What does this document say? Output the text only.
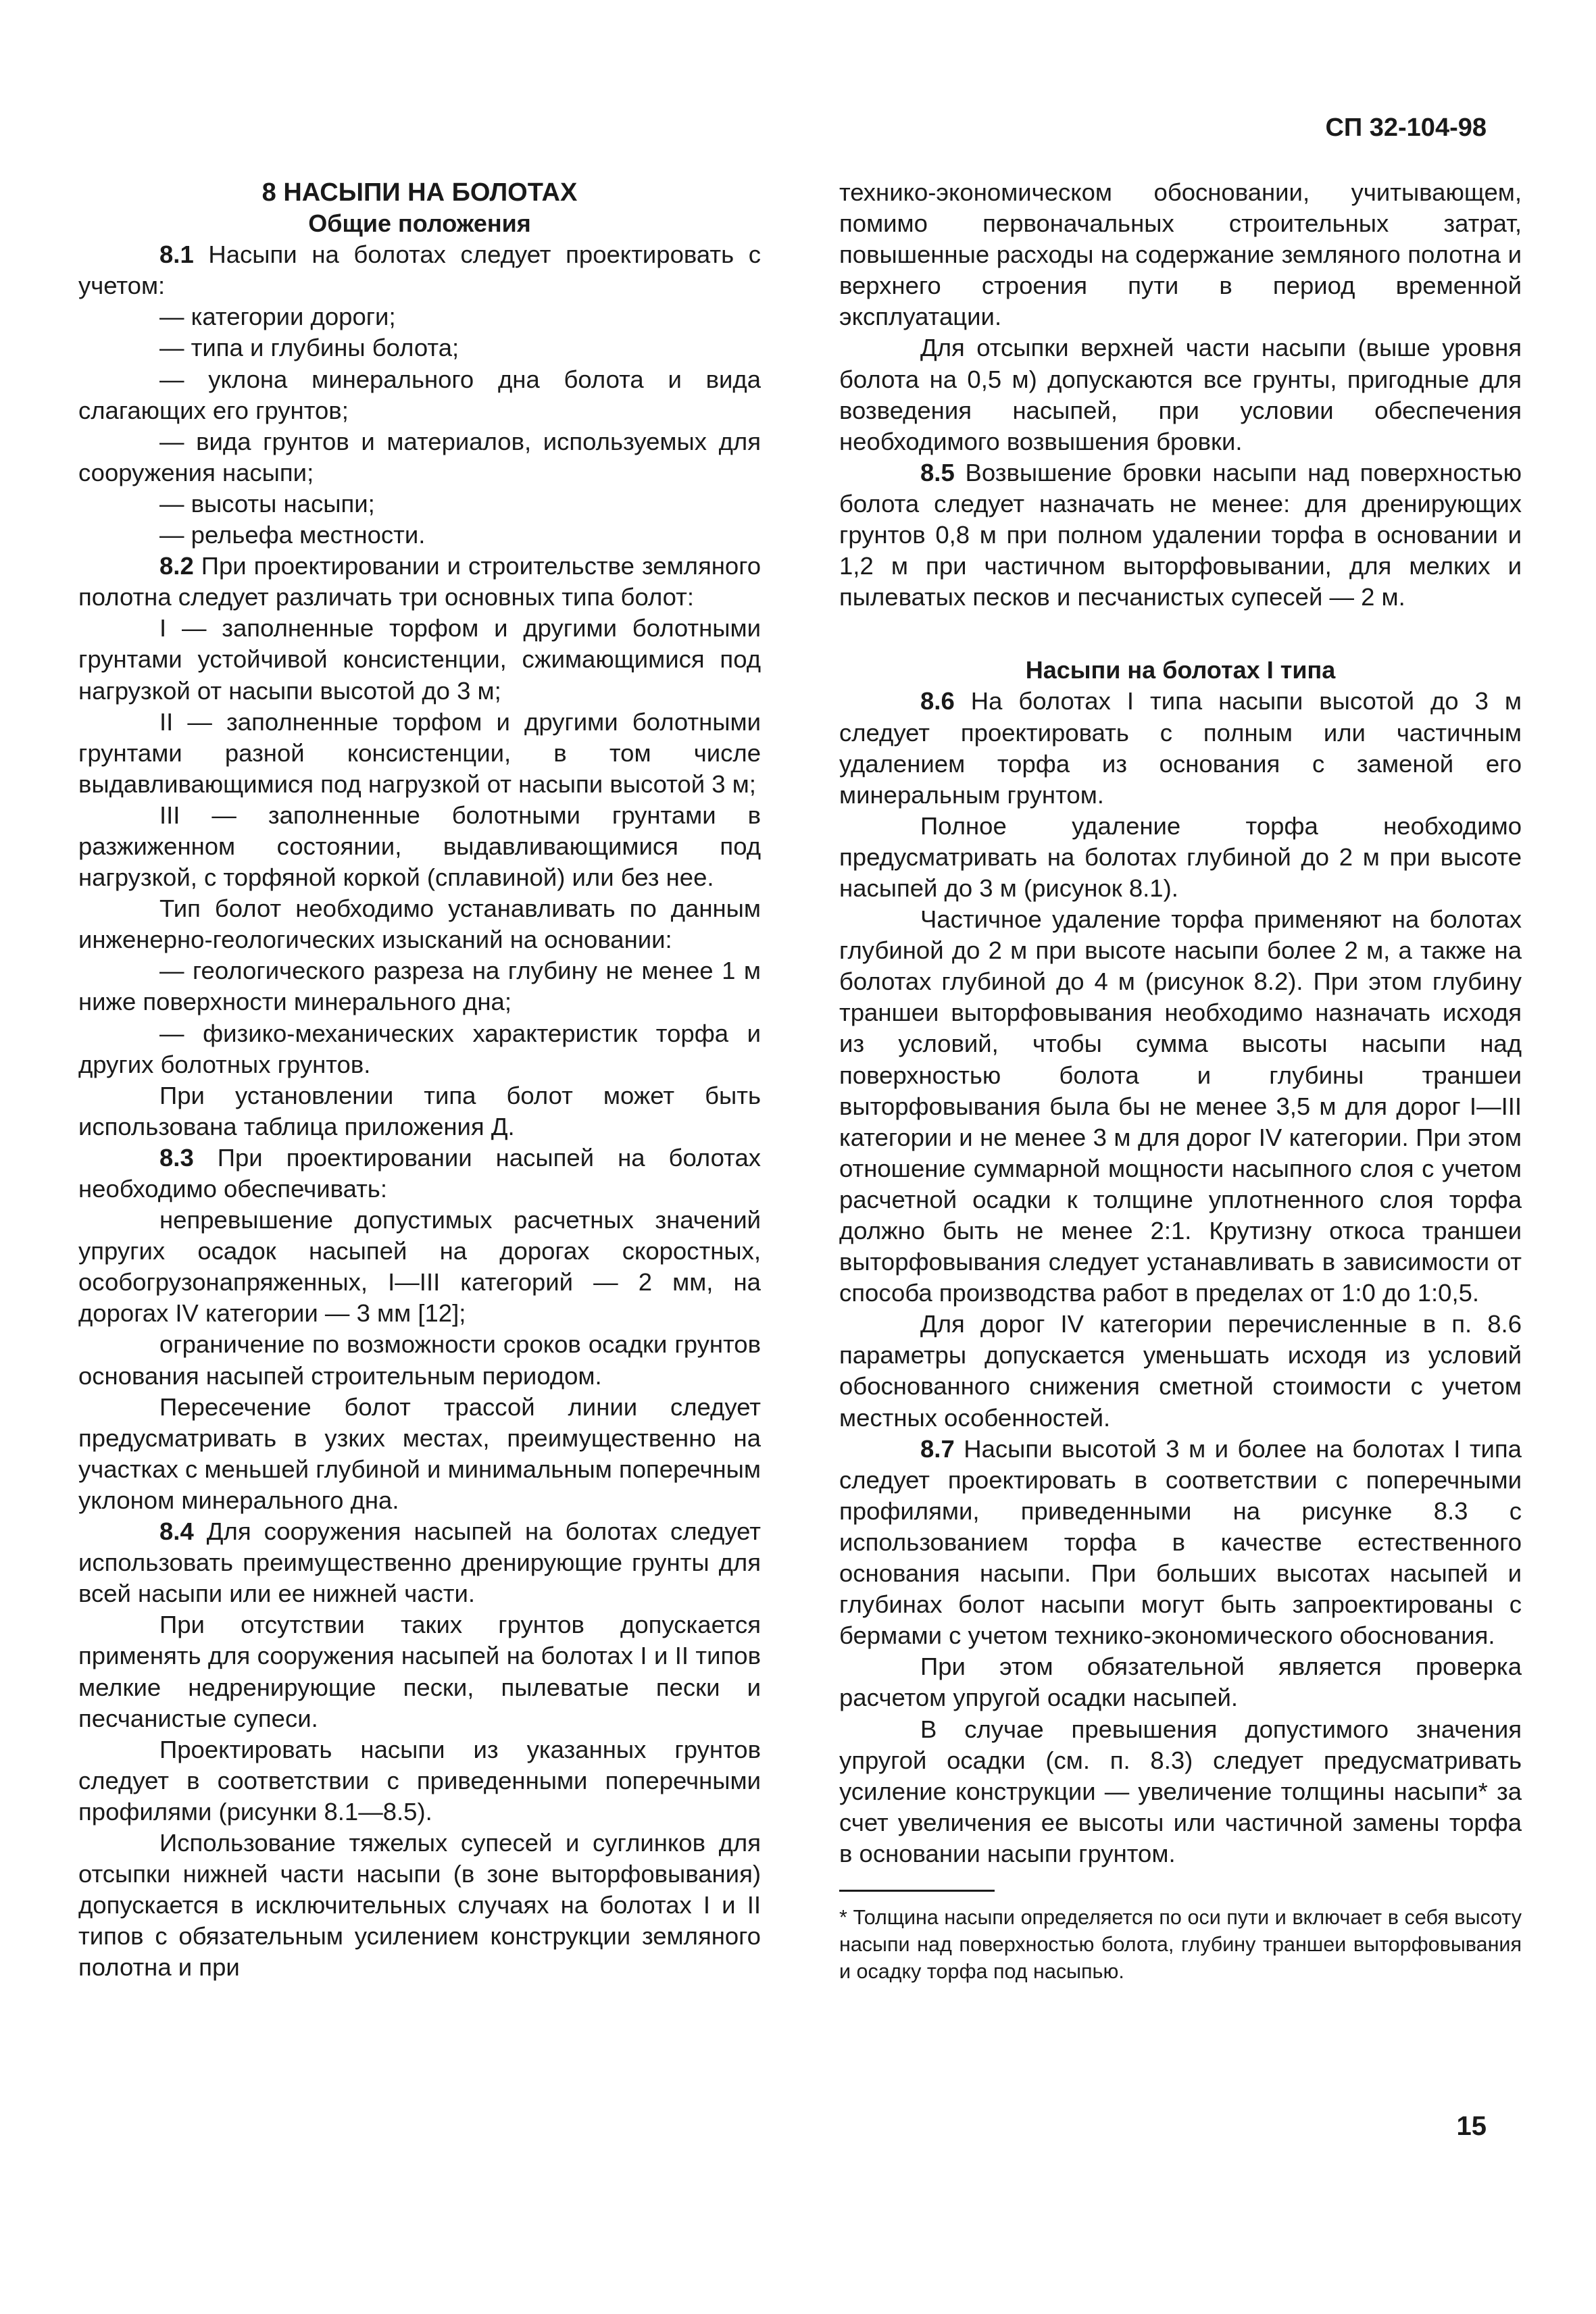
СП 32-104-98

8 НАСЫПИ НА БОЛОТАХ

Общие положения

8.1 Насыпи на болотах следует проектировать с учетом:

— категории дороги;

— типа и глубины болота;

— уклона минерального дна болота и вида слагающих его грунтов;

— вида грунтов и материалов, используемых для сооружения насыпи;

— высоты насыпи;

— рельефа местности.

8.2 При проектировании и строительстве земляного полотна следует различать три основных типа болот:

I — заполненные торфом и другими болотными грунтами устойчивой консистенции, сжимающимися под нагрузкой от насыпи высотой до 3 м;

II — заполненные торфом и другими болотными грунтами разной консистенции, в том числе выдавливающимися под нагрузкой от насыпи высотой 3 м;

III — заполненные болотными грунтами в разжиженном состоянии, выдавливающимися под нагрузкой, с торфяной коркой (сплавиной) или без нее.

Тип болот необходимо устанавливать по данным инженерно-геологических изысканий на основании:

— геологического разреза на глубину не менее 1 м ниже поверхности минерального дна;

— физико-механических характеристик торфа и других болотных грунтов.

При установлении типа болот может быть использована таблица приложения Д.

8.3 При проектировании насыпей на болотах необходимо обеспечивать:

непревышение допустимых расчетных значений упругих осадок насыпей на дорогах скоростных, особогрузонапряженных, I—III категорий — 2 мм, на дорогах IV категории — 3 мм [12];

ограничение по возможности сроков осадки грунтов основания насыпей строительным периодом.

Пересечение болот трассой линии следует предусматривать в узких местах, преимущественно на участках с меньшей глубиной и минимальным поперечным уклоном минерального дна.

8.4 Для сооружения насыпей на болотах следует использовать преимущественно дренирующие грунты для всей насыпи или ее нижней части.

При отсутствии таких грунтов допускается применять для сооружения насыпей на болотах I и II типов мелкие недренирующие пески, пылеватые пески и песчанистые супеси.

Проектировать насыпи из указанных грунтов следует в соответствии с приведенными поперечными профилями (рисунки 8.1—8.5).

Использование тяжелых супесей и суглинков для отсыпки нижней части насыпи (в зоне выторфовывания) допускается в исключительных случаях на болотах I и II типов с обязательным усилением конструкции земляного полотна и при

технико-экономическом обосновании, учитывающем, помимо первоначальных строительных затрат, повышенные расходы на содержание земляного полотна и верхнего строения пути в период временной эксплуатации.

Для отсыпки верхней части насыпи (выше уровня болота на 0,5 м) допускаются все грунты, пригодные для возведения насыпей, при условии обеспечения необходимого возвышения бровки.

8.5 Возвышение бровки насыпи над поверхностью болота следует назначать не менее: для дренирующих грунтов 0,8 м при полном удалении торфа в основании и 1,2 м при частичном выторфовывании, для мелких и пылеватых песков и песчанистых супесей — 2 м.

Насыпи на болотах I типа

8.6 На болотах I типа насыпи высотой до 3 м следует проектировать с полным или частичным удалением торфа из основания с заменой его минеральным грунтом.

Полное удаление торфа необходимо предусматривать на болотах глубиной до 2 м при высоте насыпей до 3 м (рисунок 8.1).

Частичное удаление торфа применяют на болотах глубиной до 2 м при высоте насыпи более 2 м, а также на болотах глубиной до 4 м (рисунок 8.2). При этом глубину траншеи выторфовывания необходимо назначать исходя из условий, чтобы сумма высоты насыпи над поверхностью болота и глубины траншеи выторфовывания была бы не менее 3,5 м для дорог I—III категории и не менее 3 м для дорог IV категории. При этом отношение суммарной мощности насыпного слоя с учетом расчетной осадки к толщине уплотненного слоя торфа должно быть не менее 2:1. Крутизну откоса траншеи выторфовывания следует устанавливать в зависимости от способа производства работ в пределах от 1:0 до 1:0,5.

Для дорог IV категории перечисленные в п. 8.6 параметры допускается уменьшать исходя из условий обоснованного снижения сметной стоимости с учетом местных особенностей.

8.7 Насыпи высотой 3 м и более на болотах I типа следует проектировать в соответствии с поперечными профилями, приведенными на рисунке 8.3 с использованием торфа в качестве естественного основания насыпи. При больших высотах насыпей и глубинах болот насыпи могут быть запроектированы с бермами с учетом технико-экономического обоснования.

При этом обязательной является проверка расчетом упругой осадки насыпей.

В случае превышения допустимого значения упругой осадки (см. п. 8.3) следует предусматривать усиление конструкции — увеличение толщины насыпи* за счет увеличения ее высоты или частичной замены торфа в основании насыпи грунтом.

* Толщина насыпи определяется по оси пути и включает в себя высоту насыпи над поверхностью болота, глубину траншеи выторфовывания и осадку торфа под насыпью.

15
